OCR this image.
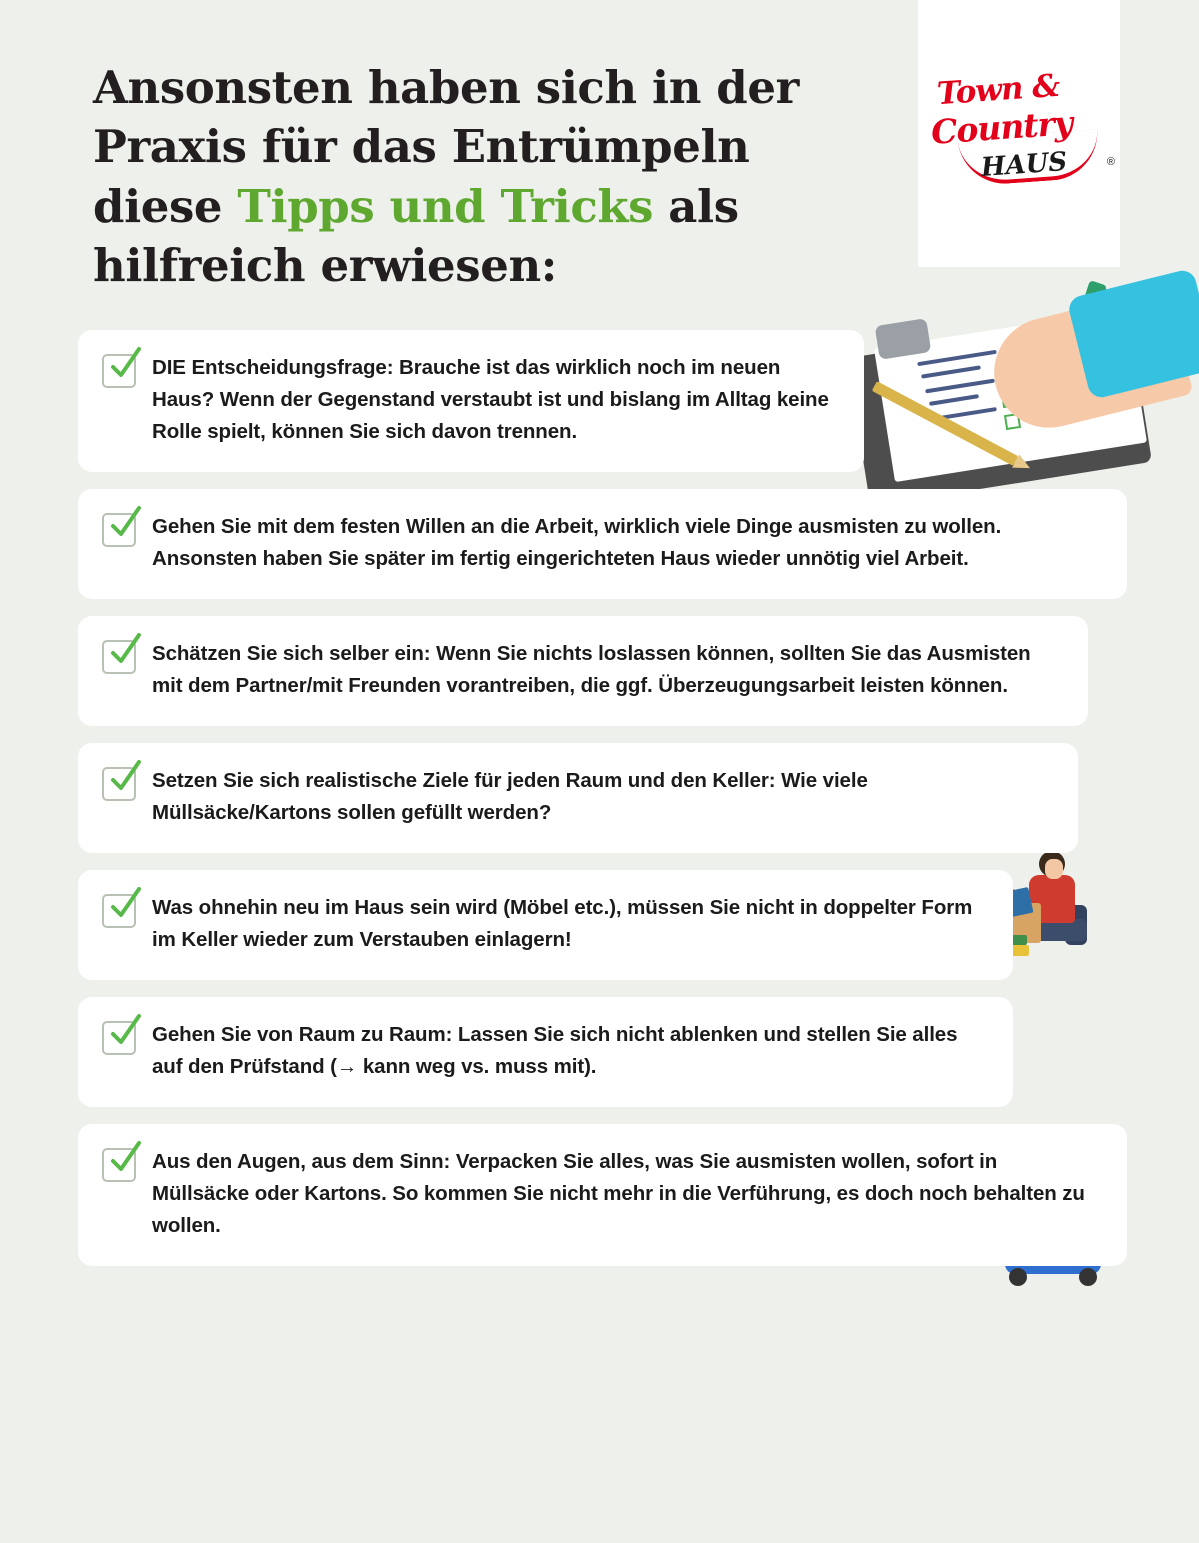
Ansonsten haben sich in der Praxis für das Entrümpeln diese Tipps und Tricks als hilfreich erwiesen:
Town &
Country
HAUS	®
DIE Entscheidungsfrage: Brauche ist das wirklich noch im neuen Haus? Wenn der Gegenstand verstaubt ist und bislang im Alltag keine Rolle spielt, können Sie sich davon trennen.
Gehen Sie mit dem festen Willen an die Arbeit, wirklich viele Dinge ausmisten zu wollen. Ansonsten haben Sie später im fertig eingerichteten Haus wieder unnötig viel Arbeit.
Schätzen Sie sich selber ein: Wenn Sie nichts loslassen können, sollten Sie das Ausmisten mit dem Partner/mit Freunden vorantreiben, die ggf. Überzeugungsarbeit leisten können.
Setzen Sie sich realistische Ziele für jeden Raum und den Keller: Wie viele Müllsäcke/Kartons sollen gefüllt werden?
Was ohnehin neu im Haus sein wird (Möbel etc.), müssen Sie nicht in doppelter Form im Keller wieder zum Verstauben einlagern!
Gehen Sie von Raum zu Raum: Lassen Sie sich nicht ablenken und stellen Sie alles auf den Prüfstand (→ kann weg vs. muss mit).
Aus den Augen, aus dem Sinn: Verpacken Sie alles, was Sie ausmisten wollen, sofort in Müllsäcke oder Kartons. So kommen Sie nicht mehr in die Verführung, es doch noch behalten zu wollen.
